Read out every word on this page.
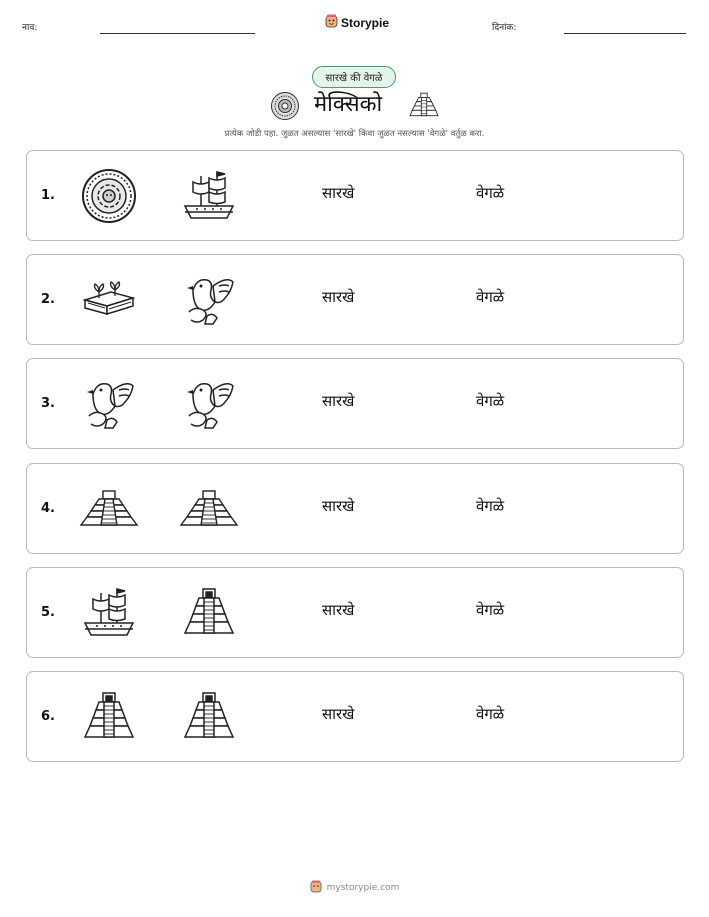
नाव:	Storypie	दिनांक:
सारखे की वेगळे
मेक्सिको
प्रत्येक जोडी पहा. जुळत असल्यास 'सारखे' किंवा जुळत नसल्यास 'वेगळे' वर्तुळ करा.
1.	सारखे	वेगळे
2.	सारखे	वेगळे
3.	सारखे	वेगळे
4.	सारखे	वेगळे
5.	सारखे	वेगळे
6.	सारखे	वेगळे
mystorypie.com
